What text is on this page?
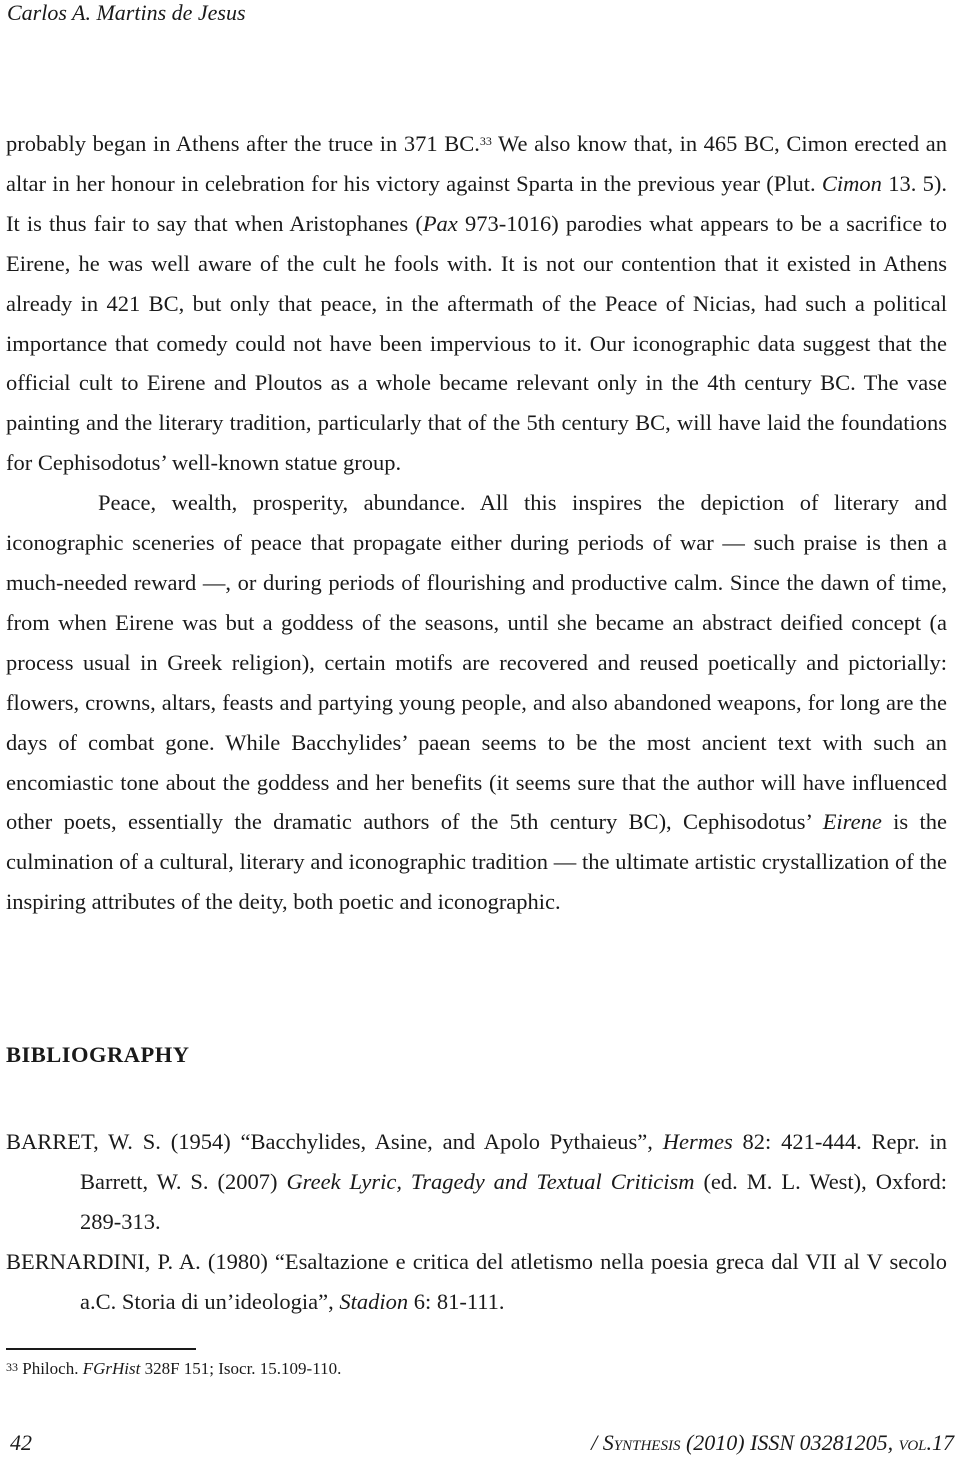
Carlos A. Martins de Jesus

probably began in Athens after the truce in 371 BC.$^{33}$ We also know that, in 465 BC, Cimon erected an altar in her honour in celebration for his victory against Sparta in the previous year (Plut. Cimon 13. 5). It is thus fair to say that when Aristophanes (Pax 973-1016) parodies what appears to be a sacrifice to Eirene, he was well aware of the cult he fools with. It is not our contention that it existed in Athens already in 421 BC, but only that peace, in the aftermath of the Peace of Nicias, had such a political importance that comedy could not have been impervious to it. Our iconographic data suggest that the official cult to Eirene and Ploutos as a whole became relevant only in the 4th century BC. The vase painting and the literary tradition, particularly that of the 5th century BC, will have laid the foundations for Cephisodotus’ well-known statue group.

Peace, wealth, prosperity, abundance. All this inspires the depiction of literary and iconographic sceneries of peace that propagate either during periods of war — such praise is then a much-needed reward —, or during periods of flourishing and productive calm. Since the dawn of time, from when Eirene was but a goddess of the seasons, until she became an abstract deified concept (a process usual in Greek religion), certain motifs are recovered and reused poetically and pictorially: flowers, crowns, altars, feasts and partying young people, and also abandoned weapons, for long are the days of combat gone. While Bacchylides’ paean seems to be the most ancient text with such an encomiastic tone about the goddess and her benefits (it seems sure that the author will have influenced other poets, essentially the dramatic authors of the 5th century BC), Cephisodotus’ Eirene is the culmination of a cultural, literary and iconographic tradition — the ultimate artistic crystallization of the inspiring attributes of the deity, both poetic and iconographic.

BIBLIOGRAPHY

BARRET, W. S. (1954) “Bacchylides, Asine, and Apolo Pythaieus”, Hermes 82: 421-444. Repr. in Barrett, W. S. (2007) Greek Lyric, Tragedy and Textual Criticism (ed. M. L. West), Oxford: 289-313.

BERNARDINI, P. A. (1980) “Esaltazione e critica del atletismo nella poesia greca dal VII al V secolo a.C. Storia di un’ideologia”, Stadion 6: 81-111.

$^{33}$ Philoch. FGrHist 328F 151; Isocr. 15.109-110.
42	/ Synthesis (2010) ISSN 03281205, vol.17
